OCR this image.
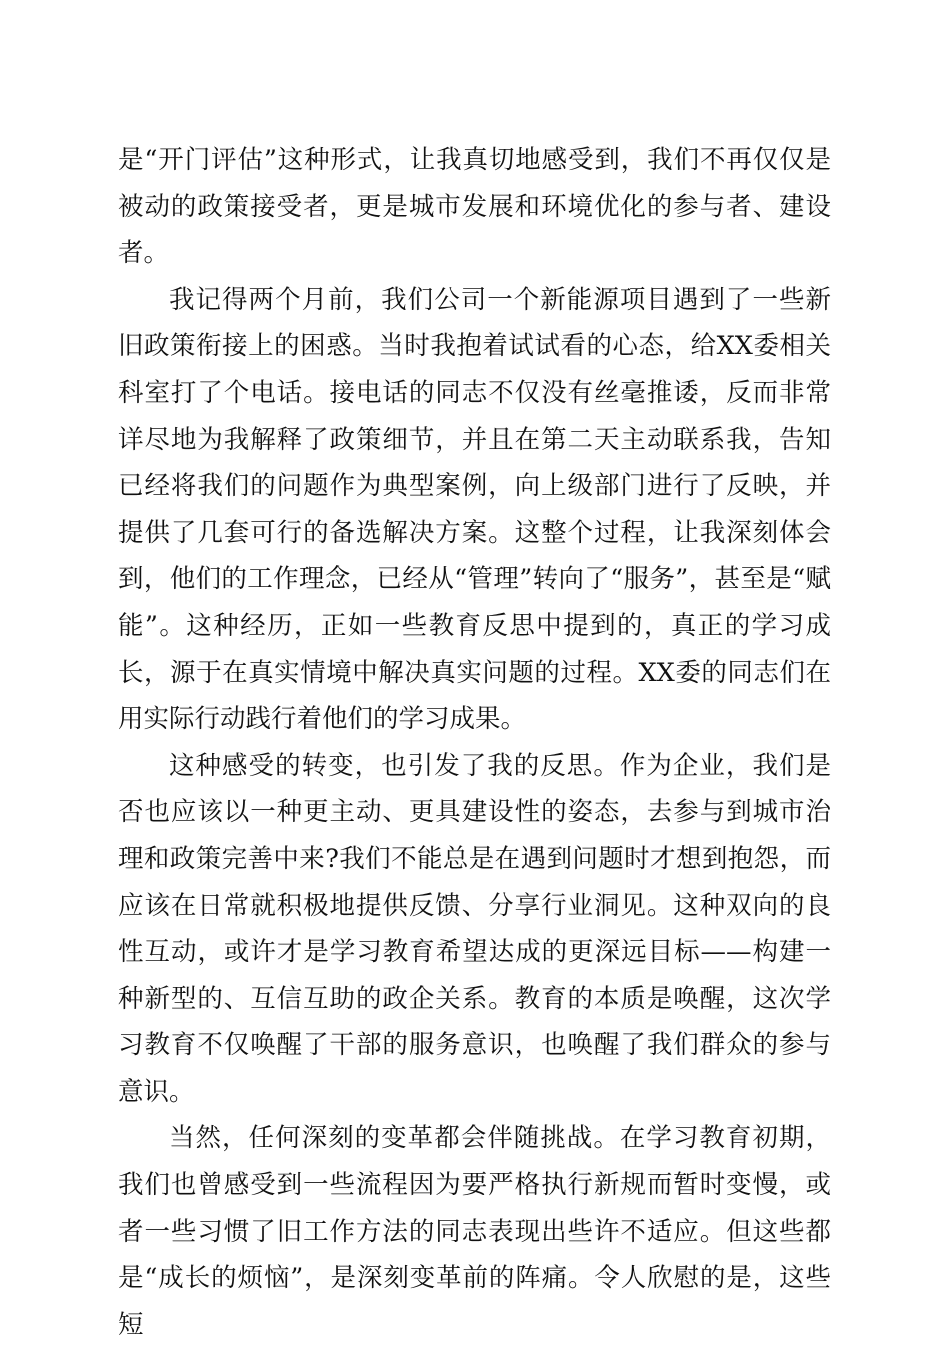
是“开门评估”这种形式，让我真切地感受到，我们不再仅仅是被动的政策接受者，更是城市发展和环境优化的参与者、建设者。

我记得两个月前，我们公司一个新能源项目遇到了一些新旧政策衔接上的困惑。当时我抱着试试看的心态，给XX委相关科室打了个电话。接电话的同志不仅没有丝毫推诿，反而非常详尽地为我解释了政策细节，并且在第二天主动联系我，告知已经将我们的问题作为典型案例，向上级部门进行了反映，并提供了几套可行的备选解决方案。这整个过程，让我深刻体会到，他们的工作理念，已经从“管理”转向了“服务”，甚至是“赋能”。这种经历，正如一些教育反思中提到的，真正的学习成长，源于在真实情境中解决真实问题的过程。XX委的同志们在用实际行动践行着他们的学习成果。

这种感受的转变，也引发了我的反思。作为企业，我们是否也应该以一种更主动、更具建设性的姿态，去参与到城市治理和政策完善中来?我们不能总是在遇到问题时才想到抱怨，而应该在日常就积极地提供反馈、分享行业洞见。这种双向的良性互动，或许才是学习教育希望达成的更深远目标——构建一种新型的、互信互助的政企关系。教育的本质是唤醒，这次学习教育不仅唤醒了干部的服务意识，也唤醒了我们群众的参与意识。

当然，任何深刻的变革都会伴随挑战。在学习教育初期，我们也曾感受到一些流程因为要严格执行新规而暂时变慢，或者一些习惯了旧工作方法的同志表现出些许不适应。但这些都是“成长的烦恼”，是深刻变革前的阵痛。令人欣慰的是，这些短
